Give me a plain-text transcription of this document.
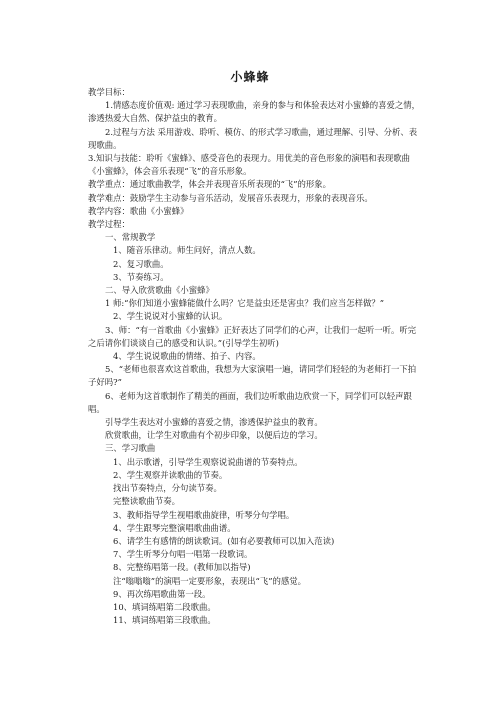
小蜂蜂
教学目标：
1.情感态度价值观: 通过学习表现歌曲，亲身的参与和体验表达对小蜜蜂的喜爱之情，渗透热爱大自然、保护益虫的教育。
2.过程与方法 采用游戏、聆听、模仿、的形式学习歌曲，通过理解、引导、分析、表现歌曲。
3.知识与技能：聆听《蜜蜂》、感受音色的表现力。用优美的音色形象的演唱和表现歌曲《小蜜蜂》，体会音乐表现“飞”的音乐形象。
教学重点：通过歌曲教学，体会并表现音乐所表现的“飞”的形象。
教学难点：鼓励学生主动参与音乐活动，发展音乐表现力，形象的表现音乐。
教学内容：歌曲《小蜜蜂》
教学过程：
一、常规教学
1、随音乐律动。师生问好，清点人数。
2、复习歌曲。
3、节奏练习。
二、导入欣赏歌曲《小蜜蜂》
1 师:“你们知道小蜜蜂能做什么吗？它是益虫还是害虫？我们应当怎样做？”
2、学生说说对小蜜蜂的认识。
3、师：“有一首歌曲《小蜜蜂》正好表达了同学们的心声，让我们一起听一听。听完之后请你们谈谈自己的感受和认识。”(引导学生初听)
4、学生说说歌曲的情绪、拍子、内容。
5、“老师也很喜欢这首歌曲，我想为大家演唱一遍，请同学们轻轻的为老师打一下拍子好吗?”
6、老师为这首歌制作了精美的画面，我们边听歌曲边欣赏一下，同学们可以轻声跟唱。
引导学生表达对小蜜蜂的喜爱之情，渗透保护益虫的教育。
欣赏歌曲，让学生对歌曲有个初步印象，以便后边的学习。
三、学习歌曲
1、出示歌谱，引导学生观察说说曲谱的节奏特点。
2、学生观察并读歌曲的节奏。
找出节奏特点，分句读节奏。
完整读歌曲节奏。
3、教师指导学生视唱歌曲旋律，听琴分句学唱。
4、学生跟琴完整演唱歌曲曲谱。
6、请学生有感情的朗读歌词。(如有必要教师可以加入范读)
7、学生听琴分句唱一唱第一段歌词。
8、完整练唱第一段。(教师加以指导)
注“嗡嗡嗡”的演唱一定要形象，表现出“飞”的感觉。
9、再次练唱歌曲第一段。
10、填词练唱第二段歌曲。
11、填词练唱第三段歌曲。
